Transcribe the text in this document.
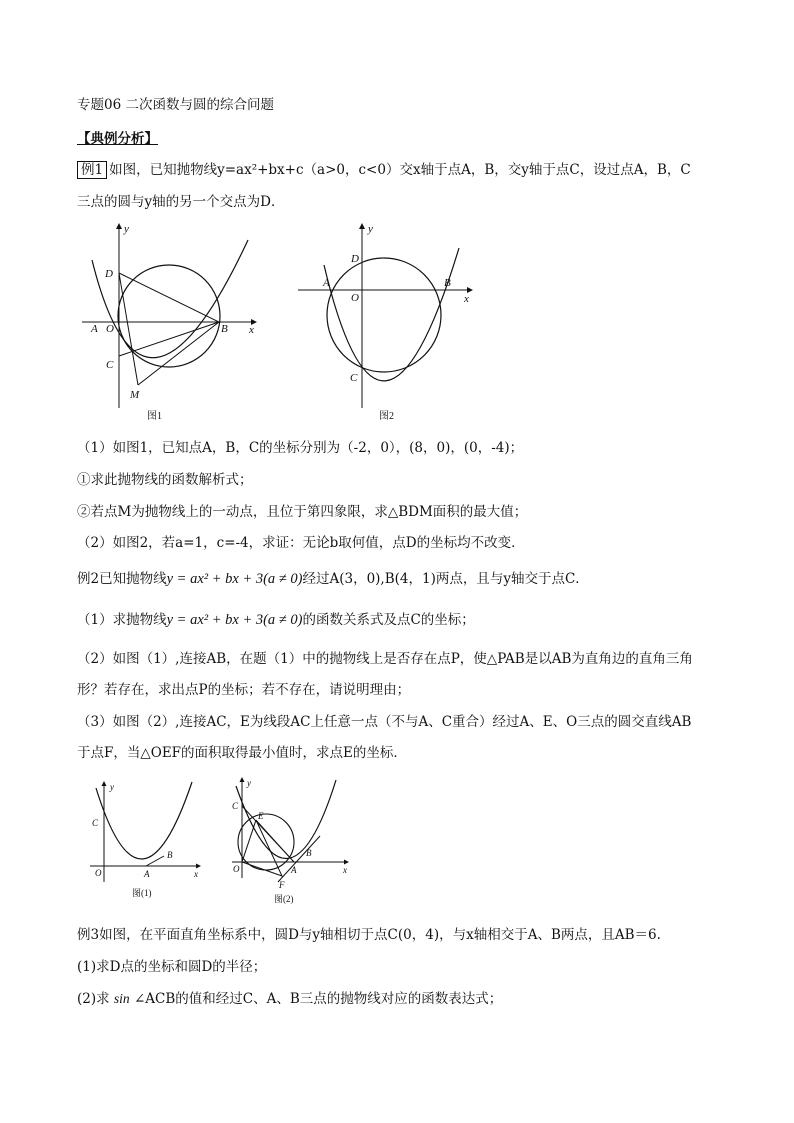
专题06 二次函数与圆的综合问题
【典例分析】
例1 如图，已知抛物线y=ax²+bx+c（a>0，c<0）交x轴于点A，B，交y轴于点C，设过点A，B，C
三点的圆与y轴的另一个交点为D．
y
x
D
A O	B
C
M
图1
y
x
D
A
O
B
C
图2
（1）如图1，已知点A，B，C的坐标分别为（-2，0），(8，0)，(0，-4)；
①求此抛物线的函数解析式；
②若点M为抛物线上的一动点，且位于第四象限，求△BDM面积的最大值；
（2）如图2，若a=1，c=-4，求证：无论b取何值，点D的坐标均不改变．
例2已知抛物线y = ax² + bx + 3(a ≠ 0)经过A(3，0),B(4，1)两点，且与y轴交于点C．
（1）求抛物线y = ax² + bx + 3(a ≠ 0)的函数关系式及点C的坐标；
（2）如图（1）,连接AB，在题（1）中的抛物线上是否存在点P，使△PAB是以AB为直角边的直角三角
形？若存在，求出点P的坐标；若不存在，请说明理由；
（3）如图（2）,连接AC，E为线段AC上任意一点（不与A、C重合）经过A、E、O三点的圆交直线AB
于点F，当△OEF的面积取得最小值时，求点E的坐标．
y
x
C
O	A
B
图(1)
y
x
C
E
O	A
B
F
图(2)
例3如图，在平面直角坐标系中，圆D与y轴相切于点C(0，4)，与x轴相交于A、B两点，且AB＝6.
(1)求D点的坐标和圆D的半径；
(2)求 sin ∠ACB的值和经过C、A、B三点的抛物线对应的函数表达式；
